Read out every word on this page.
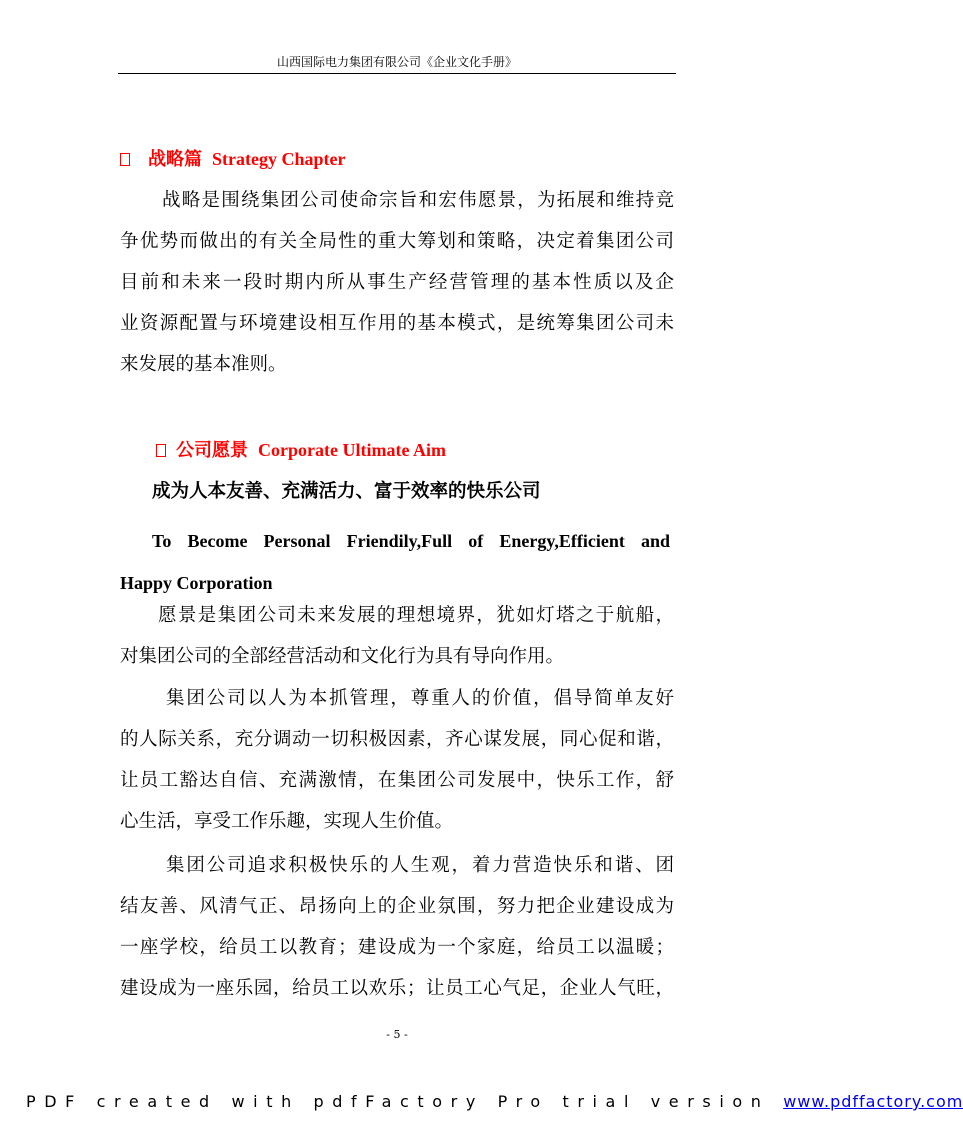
山西国际电力集团有限公司《企业文化手册》
战略篇 Strategy Chapter
战略是围绕集团公司使命宗旨和宏伟愿景，为拓展和维持竞
争优势而做出的有关全局性的重大筹划和策略，决定着集团公司
目前和未来一段时期内所从事生产经营管理的基本性质以及企
业资源配置与环境建设相互作用的基本模式，是统筹集团公司未
来发展的基本准则。
公司愿景 Corporate Ultimate Aim
成为人本友善、充满活力、富于效率的快乐公司
To Become Personal Friendily,Full of Energy,Efficient and
Happy Corporation
愿景是集团公司未来发展的理想境界，犹如灯塔之于航船，
对集团公司的全部经营活动和文化行为具有导向作用。
集团公司以人为本抓管理，尊重人的价值，倡导简单友好
的人际关系，充分调动一切积极因素，齐心谋发展，同心促和谐，
让员工豁达自信、充满激情，在集团公司发展中，快乐工作，舒
心生活，享受工作乐趣，实现人生价值。
集团公司追求积极快乐的人生观，着力营造快乐和谐、团
结友善、风清气正、昂扬向上的企业氛围，努力把企业建设成为
一座学校，给员工以教育；建设成为一个家庭，给员工以温暖；
建设成为一座乐园，给员工以欢乐；让员工心气足，企业人气旺，
- 5 -
PDF created with pdfFactory Pro trial version www.pdffactory.com
